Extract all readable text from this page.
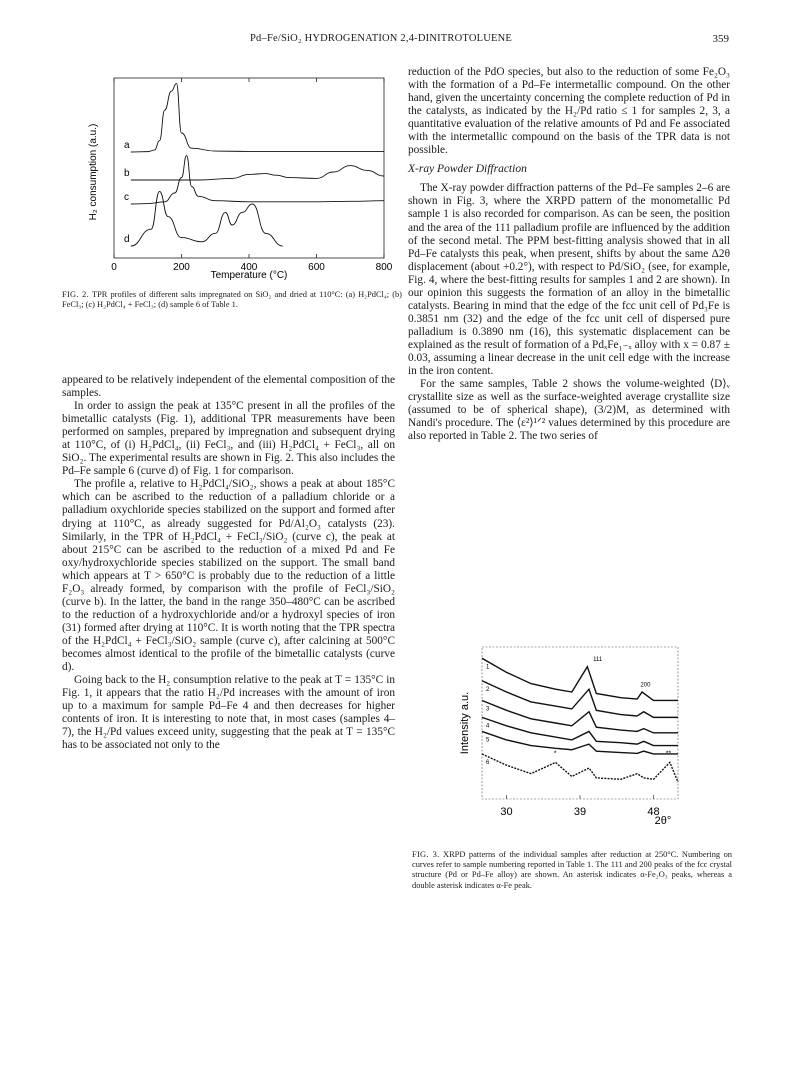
Pd–Fe/SiO₂ HYDROGENATION 2,4-DINITROTOLUENE	359
0	200	400	600	800
a
b
c
d
Temperature (°C)
H₂ consumption (a.u.)
FIG. 2. TPR profiles of different salts impregnated on SiO₂ and dried at 110°C: (a) H₂PdCl₄; (b) FeCl₃; (c) H₂PdCl₄ + FeCl₃; (d) sample 6 of Table 1.

appeared to be relatively independent of the elemental composition of the samples.

In order to assign the peak at 135°C present in all the profiles of the bimetallic catalysts (Fig. 1), additional TPR measurements have been performed on samples, prepared by impregnation and subsequent drying at 110°C, of (i) H₂PdCl₄, (ii) FeCl₃, and (iii) H₂PdCl₄ + FeCl₃, all on SiO₂. The experimental results are shown in Fig. 2. This also includes the Pd–Fe sample 6 (curve d) of Fig. 1 for comparison.

The profile a, relative to H₂PdCl₄/SiO₂, shows a peak at about 185°C which can be ascribed to the reduction of a palladium chloride or a palladium oxychloride species stabilized on the support and formed after drying at 110°C, as already suggested for Pd/Al₂O₃ catalysts (23). Similarly, in the TPR of H₂PdCl₄ + FeCl₃/SiO₂ (curve c), the peak at about 215°C can be ascribed to the reduction of a mixed Pd and Fe oxy/hydroxychloride species stabilized on the support. The small band which appears at T > 650°C is probably due to the reduction of a little F₂O₃ already formed, by comparison with the profile of FeCl₃/SiO₂ (curve b). In the latter, the band in the range 350–480°C can be ascribed to the reduction of a hydroxychloride and/or a hydroxyl species of iron (31) formed after drying at 110°C. It is worth noting that the TPR spectra of the H₂PdCl₄ + FeCl₃/SiO₂ sample (curve c), after calcining at 500°C becomes almost identical to the profile of the bimetallic catalysts (curve d).

Going back to the H₂ consumption relative to the peak at T = 135°C in Fig. 1, it appears that the ratio H₂/Pd increases with the amount of iron up to a maximum for sample Pd–Fe 4 and then decreases for higher contents of iron. It is interesting to note that, in most cases (samples 4–7), the H₂/Pd values exceed unity, suggesting that the peak at T = 135°C has to be associated not only to the

reduction of the PdO species, but also to the reduction of some Fe₂O₃ with the formation of a Pd–Fe intermetallic compound. On the other hand, given the uncertainty concerning the complete reduction of Pd in the catalysts, as indicated by the H₂/Pd ratio ≤ 1 for samples 2, 3, a quantitative evaluation of the relative amounts of Pd and Fe associated with the intermetallic compound on the basis of the TPR data is not possible.

X-ray Powder Diffraction

The X-ray powder diffraction patterns of the Pd–Fe samples 2–6 are shown in Fig. 3, where the XRPD pattern of the monometallic Pd sample 1 is also recorded for comparison. As can be seen, the position and the area of the 111 palladium profile are influenced by the addition of the second metal. The PPM best-fitting analysis showed that in all Pd–Fe catalysts this peak, when present, shifts by about the same Δ2θ displacement (about +0.2°), with respect to Pd/SiO₂ (see, for example, Fig. 4, where the best-fitting results for samples 1 and 2 are shown). In our opinion this suggests the formation of an alloy in the bimetallic catalysts. Bearing in mind that the edge of the fcc unit cell of Pd₃Fe is 0.3851 nm (32) and the edge of the fcc unit cell of dispersed pure palladium is 0.3890 nm (16), this systematic displacement can be explained as the result of formation of a PdₓFe₁₋ₓ alloy with x = 0.87 ± 0.03, assuming a linear decrease in the unit cell edge with the increase in the iron content.

For the same samples, Table 2 shows the volume-weighted ⟨D⟩ᵥ crystallite size as well as the surface-weighted average crystallite size (assumed to be of spherical shape), (3/2)M, as determined with Nandi's procedure. The ⟨ε²⟩¹ᐟ² values determined by this procedure are also reported in Table 2. The two series of

30	39	48
1
2
3
4
5
6
111
200
*	**
2θ°
Intensity a.u.
FIG. 3. XRPD patterns of the individual samples after reduction at 250°C. Numbering on curves refer to sample numbering reported in Table 1. The 111 and 200 peaks of the fcc crystal structure (Pd or Pd–Fe alloy) are shown. An asterisk indicates α-Fe₂O₃ peaks, whereas a double asterisk indicates α-Fe peak.
